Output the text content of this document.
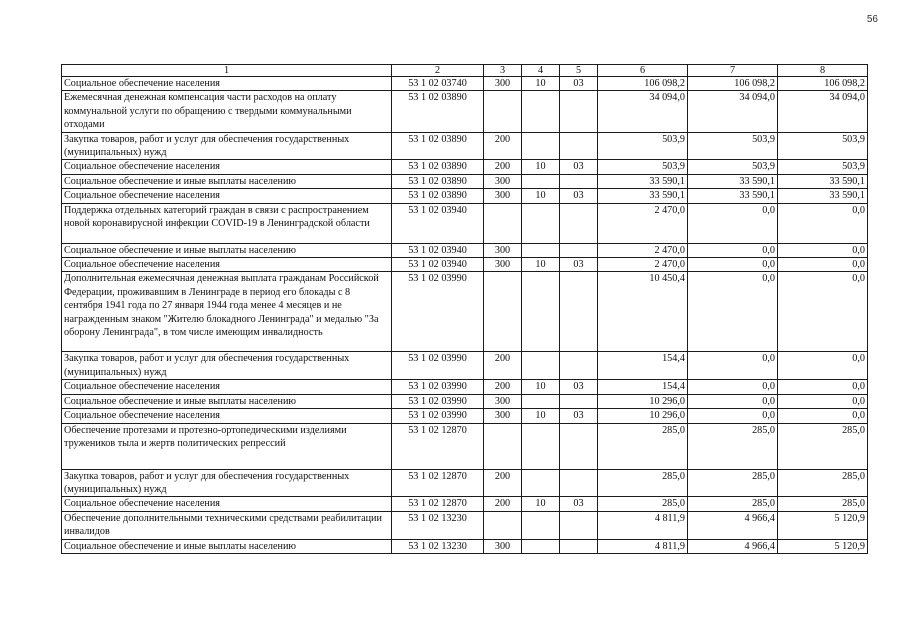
56
1	2	3	4	5	6	7	8
Социальное обеспечение населения	53 1 02 03740	300	10	03	106 098,2	106 098,2	106 098,2
Ежемесячная денежная компенсация части расходов на оплату коммунальной услуги по обращению с твердыми коммунальными отходами	53 1 02 03890				34 094,0	34 094,0	34 094,0
Закупка товаров, работ и услуг для обеспечения государственных (муниципальных) нужд	53 1 02 03890	200			503,9	503,9	503,9
Социальное обеспечение населения	53 1 02 03890	200	10	03	503,9	503,9	503,9
Социальное обеспечение и иные выплаты населению	53 1 02 03890	300			33 590,1	33 590,1	33 590,1
Социальное обеспечение населения	53 1 02 03890	300	10	03	33 590,1	33 590,1	33 590,1
Поддержка отдельных категорий граждан в связи с распространением новой коронавирусной инфекции COVID-19 в Ленинградской области	53 1 02 03940				2 470,0	0,0	0,0
Социальное обеспечение и иные выплаты населению	53 1 02 03940	300			2 470,0	0,0	0,0
Социальное обеспечение населения	53 1 02 03940	300	10	03	2 470,0	0,0	0,0
Дополнительная ежемесячная денежная выплата гражданам Российской Федерации, проживавшим в Ленинграде в период его блокады с 8 сентября 1941 года по 27 января 1944 года менее 4 месяцев и не награжденным знаком "Жителю блокадного Ленинграда" и медалью "За оборону Ленинграда", в том числе имеющим инвалидность	53 1 02 03990				10 450,4	0,0	0,0
Закупка товаров, работ и услуг для обеспечения государственных (муниципальных) нужд	53 1 02 03990	200			154,4	0,0	0,0
Социальное обеспечение населения	53 1 02 03990	200	10	03	154,4	0,0	0,0
Социальное обеспечение и иные выплаты населению	53 1 02 03990	300			10 296,0	0,0	0,0
Социальное обеспечение населения	53 1 02 03990	300	10	03	10 296,0	0,0	0,0
Обеспечение протезами и протезно-ортопедическими изделиями тружеников тыла и жертв политических репрессий	53 1 02 12870				285,0	285,0	285,0
Закупка товаров, работ и услуг для обеспечения государственных (муниципальных) нужд	53 1 02 12870	200			285,0	285,0	285,0
Социальное обеспечение населения	53 1 02 12870	200	10	03	285,0	285,0	285,0
Обеспечение дополнительными техническими средствами реабилитации инвалидов	53 1 02 13230				4 811,9	4 966,4	5 120,9
Социальное обеспечение и иные выплаты населению	53 1 02 13230	300			4 811,9	4 966,4	5 120,9
